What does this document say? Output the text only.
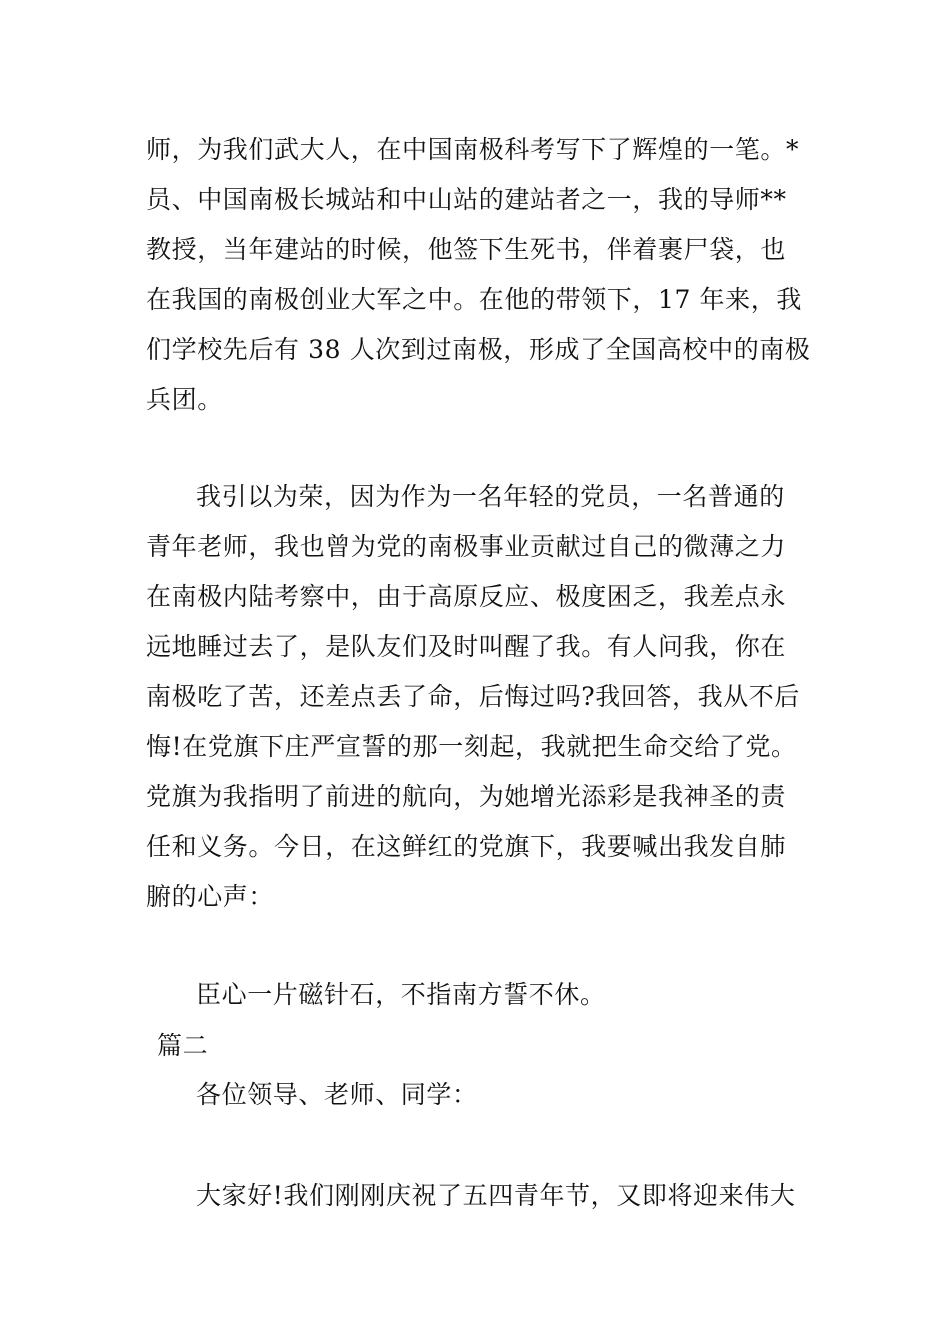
师，为我们武大人，在中国南极科考写下了辉煌的一笔。*
员、中国南极长城站和中山站的建站者之一，我的导师**
教授，当年建站的时候，他签下生死书，伴着裹尸袋，也
在我国的南极创业大军之中。在他的带领下，17 年来，我
们学校先后有 38 人次到过南极，形成了全国高校中的南极
兵团。
我引以为荣，因为作为一名年轻的党员，一名普通的
青年老师，我也曾为党的南极事业贡献过自己的微薄之力
在南极内陆考察中，由于高原反应、极度困乏，我差点永
远地睡过去了，是队友们及时叫醒了我。有人问我，你在
南极吃了苦，还差点丢了命，后悔过吗?我回答，我从不后
悔!在党旗下庄严宣誓的那一刻起，我就把生命交给了党。
党旗为我指明了前进的航向，为她增光添彩是我神圣的责
任和义务。今日，在这鲜红的党旗下，我要喊出我发自肺
腑的心声：
臣心一片磁针石，不指南方誓不休。
篇二
各位领导、老师、同学：
大家好!我们刚刚庆祝了五四青年节，又即将迎来伟大
